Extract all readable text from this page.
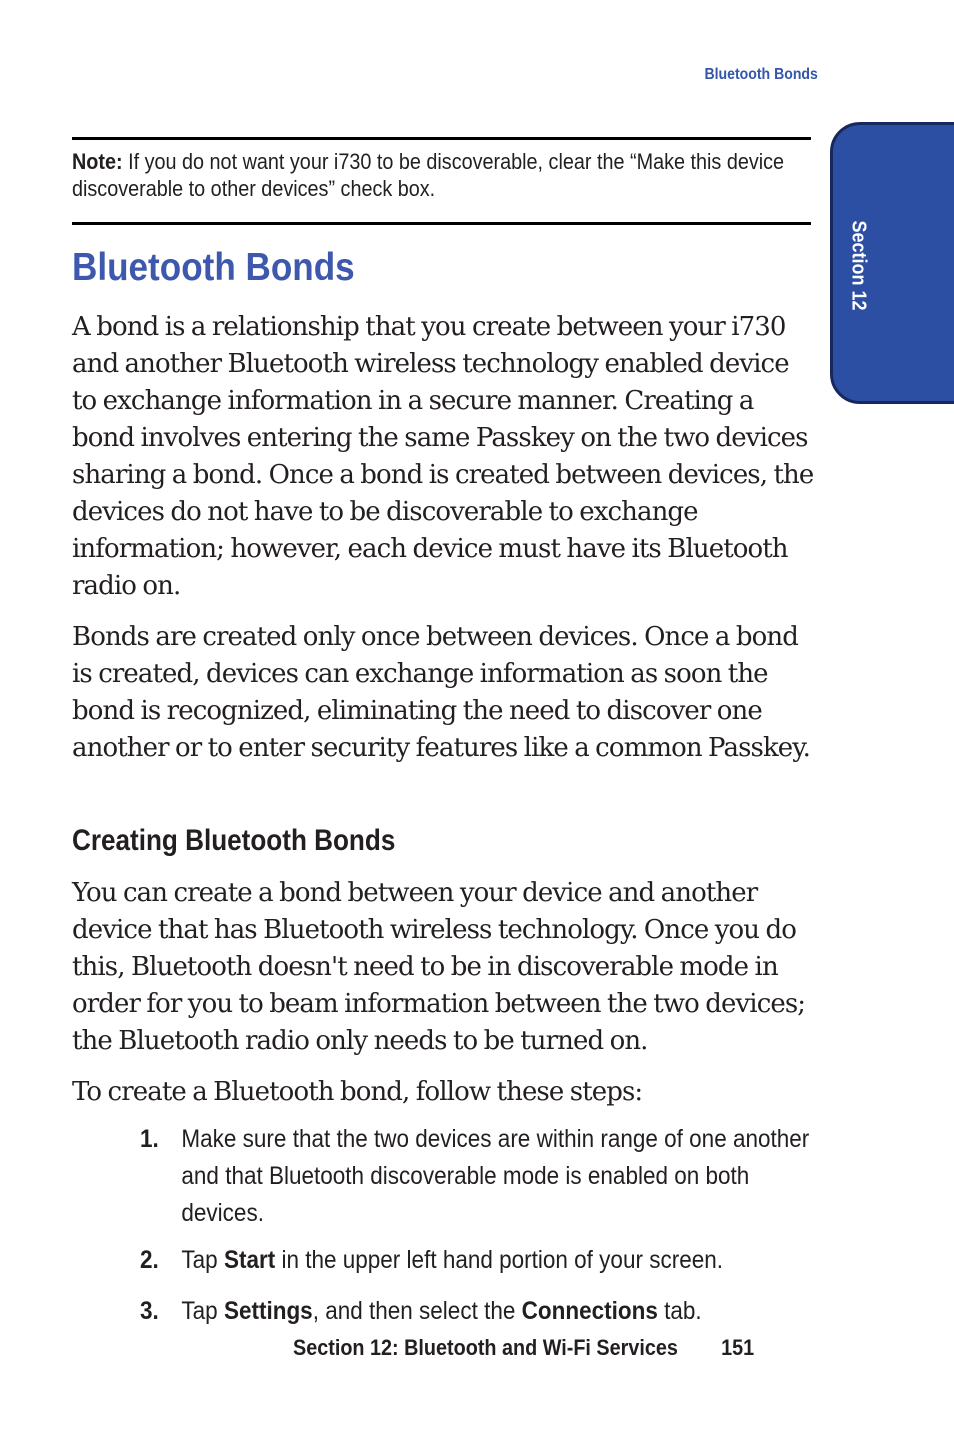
Bluetooth Bonds
Section 12
Note: If you do not want your i730 to be discoverable, clear the “Make this device discoverable to other devices” check box.
Bluetooth Bonds

A bond is a relationship that you create between your i730 and another Bluetooth wireless technology enabled device to exchange information in a secure manner. Creating a bond involves entering the same Passkey on the two devices sharing a bond. Once a bond is created between devices, the devices do not have to be discoverable to exchange information; however, each device must have its Bluetooth radio on.

Bonds are created only once between devices. Once a bond is created, devices can exchange information as soon the bond is recognized, eliminating the need to discover one another or to enter security features like a common Passkey.

Creating Bluetooth Bonds

You can create a bond between your device and another device that has Bluetooth wireless technology. Once you do this, Bluetooth doesn't need to be in discoverable mode in order for you to beam information between the two devices; the Bluetooth radio only needs to be turned on.

To create a Bluetooth bond, follow these steps:

1. Make sure that the two devices are within range of one another and that Bluetooth discoverable mode is enabled on both devices.
2. Tap Start in the upper left hand portion of your screen.
3. Tap Settings, and then select the Connections tab.
Section 12: Bluetooth and Wi-Fi Services 151
